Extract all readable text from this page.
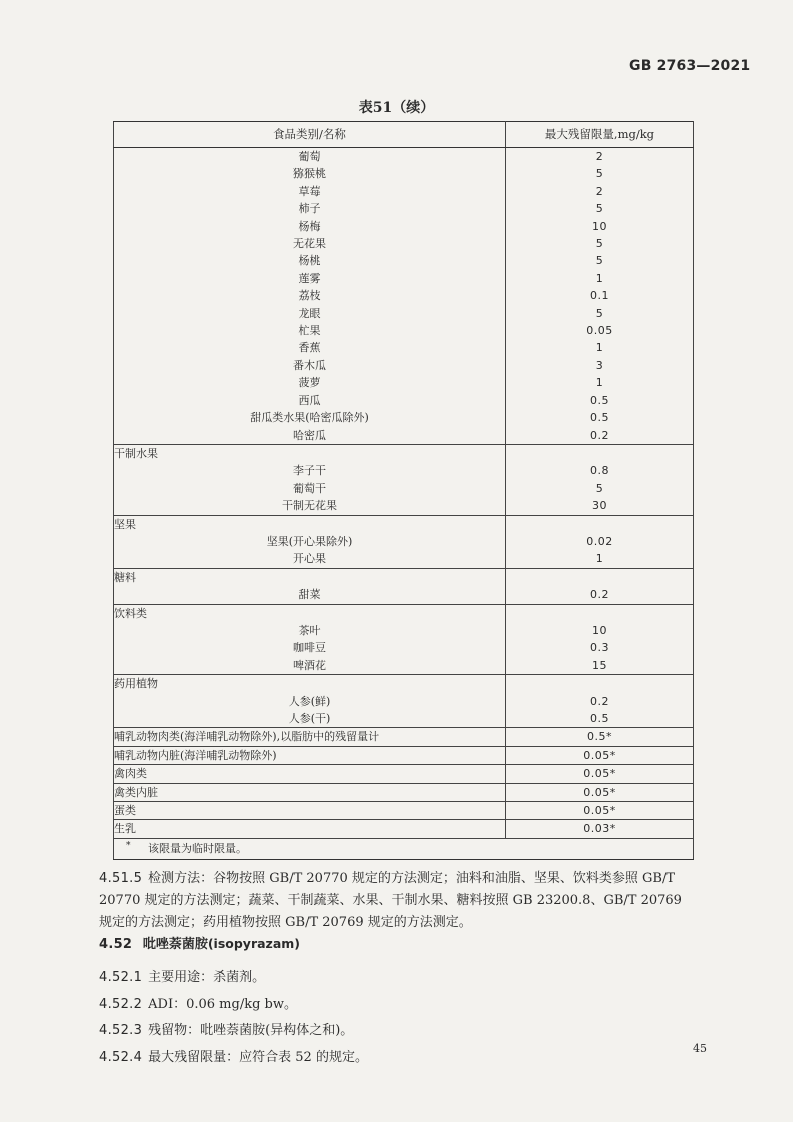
GB 2763—2021
表51（续）
食品类别/名称	最大残留限量,mg/kg
葡萄	2
猕猴桃	5
草莓	2
柿子	5
杨梅	10
无花果	5
杨桃	5
莲雾	1
荔枝	0.1
龙眼	5
杧果	0.05
香蕉	1
番木瓜	3
菠萝	1
西瓜	0.5
甜瓜类水果(哈密瓜除外)	0.5
哈密瓜	0.2
干制水果	
李子干	0.8
葡萄干	5
干制无花果	30
坚果	
坚果(开心果除外)	0.02
开心果	1
糖料	
甜菜	0.2
饮料类	
茶叶	10
咖啡豆	0.3
啤酒花	15
药用植物	
人参(鲜)	0.2
人参(干)	0.5
哺乳动物肉类(海洋哺乳动物除外),以脂肪中的残留量计	0.5*
哺乳动物内脏(海洋哺乳动物除外)	0.05*
禽肉类	0.05*
禽类内脏	0.05*
蛋类	0.05*
生乳	0.03*
* 该限量为临时限量。	
4.51.5 检测方法：谷物按照 GB/T 20770 规定的方法测定；油料和油脂、坚果、饮料类参照 GB/T 20770 规定的方法测定；蔬菜、干制蔬菜、水果、干制水果、糖料按照 GB 23200.8、GB/T 20769 规定的方法测定；药用植物按照 GB/T 20769 规定的方法测定。
4.52 吡唑萘菌胺(isopyrazam)
4.52.1 主要用途：杀菌剂。
4.52.2 ADI：0.06 mg/kg bw。
4.52.3 残留物：吡唑萘菌胺(异构体之和)。
4.52.4 最大残留限量：应符合表 52 的规定。
45
